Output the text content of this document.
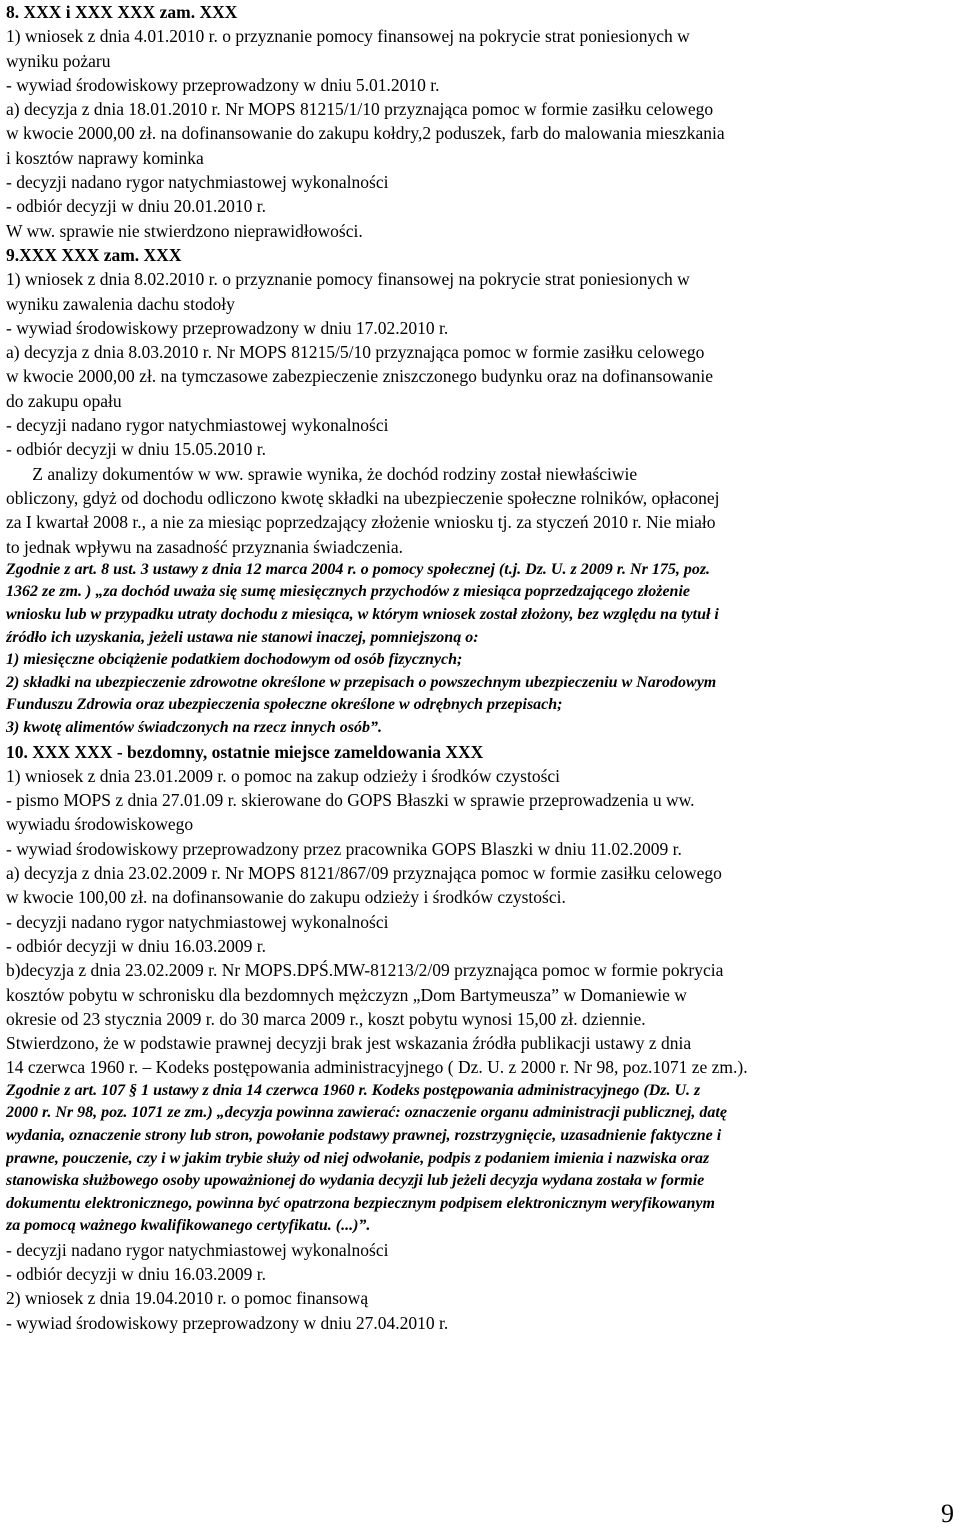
8. XXX i XXX XXX zam. XXX
1) wniosek z dnia 4.01.2010 r. o przyznanie pomocy finansowej na pokrycie strat poniesionych w
wyniku pożaru
- wywiad środowiskowy przeprowadzony w dniu 5.01.2010 r.
a) decyzja z dnia 18.01.2010 r. Nr MOPS 81215/1/10 przyznająca pomoc w formie zasiłku celowego
w kwocie 2000,00 zł. na dofinansowanie do zakupu kołdry,2 poduszek, farb do malowania mieszkania
i kosztów naprawy kominka
- decyzji nadano rygor natychmiastowej wykonalności
- odbiór decyzji w dniu 20.01.2010 r.
W ww. sprawie nie stwierdzono nieprawidłowości.
9.XXX XXX zam. XXX
1) wniosek z dnia 8.02.2010 r. o przyznanie pomocy finansowej na pokrycie strat poniesionych w
wyniku zawalenia dachu stodoły
- wywiad środowiskowy przeprowadzony w dniu 17.02.2010 r.
a) decyzja z dnia 8.03.2010 r. Nr MOPS 81215/5/10 przyznająca pomoc w formie zasiłku celowego
w kwocie 2000,00 zł. na tymczasowe zabezpieczenie zniszczonego budynku oraz na dofinansowanie
do zakupu opału
- decyzji nadano rygor natychmiastowej wykonalności
- odbiór decyzji w dniu 15.05.2010 r.
Z analizy dokumentów w ww. sprawie wynika, że dochód rodziny został niewłaściwie
obliczony, gdyż od dochodu odliczono kwotę składki na ubezpieczenie społeczne rolników, opłaconej
za I kwartał 2008 r., a nie za miesiąc poprzedzający złożenie wniosku tj. za styczeń 2010 r. Nie miało
to jednak wpływu na zasadność przyznania świadczenia.
Zgodnie z art. 8 ust. 3 ustawy z dnia 12 marca 2004 r. o pomocy społecznej (t.j. Dz. U. z 2009 r. Nr 175, poz.
1362 ze zm. ) „za dochód uważa się sumę miesięcznych przychodów z miesiąca poprzedzającego złożenie
wniosku lub w przypadku utraty dochodu z miesiąca, w którym wniosek został złożony, bez względu na tytuł i
źródło ich uzyskania, jeżeli ustawa nie stanowi inaczej, pomniejszoną o:
1) miesięczne obciążenie podatkiem dochodowym od osób fizycznych;
2) składki na ubezpieczenie zdrowotne określone w przepisach o powszechnym ubezpieczeniu w Narodowym
Funduszu Zdrowia oraz ubezpieczenia społeczne określone w odrębnych przepisach;
3) kwotę alimentów świadczonych na rzecz innych osób”.
10. XXX XXX - bezdomny, ostatnie miejsce zameldowania XXX
1) wniosek z dnia 23.01.2009 r. o pomoc na zakup odzieży i środków czystości
- pismo MOPS z dnia 27.01.09 r. skierowane do GOPS Błaszki w sprawie przeprowadzenia u ww.
wywiadu środowiskowego
- wywiad środowiskowy przeprowadzony przez pracownika GOPS Blaszki w dniu 11.02.2009 r.
a) decyzja z dnia 23.02.2009 r. Nr MOPS 8121/867/09 przyznająca pomoc w formie zasiłku celowego
w kwocie 100,00 zł. na dofinansowanie do zakupu odzieży i środków czystości.
- decyzji nadano rygor natychmiastowej wykonalności
- odbiór decyzji w dniu 16.03.2009 r.
b)decyzja z dnia 23.02.2009 r. Nr MOPS.DPŚ.MW-81213/2/09 przyznająca pomoc w formie pokrycia
kosztów pobytu w schronisku dla bezdomnych mężczyzn „Dom Bartymeusza” w Domaniewie w
okresie od 23 stycznia 2009 r. do 30 marca 2009 r., koszt pobytu wynosi 15,00 zł. dziennie.
Stwierdzono, że w podstawie prawnej decyzji brak jest wskazania źródła publikacji ustawy z dnia
14 czerwca 1960 r. – Kodeks postępowania administracyjnego ( Dz. U. z 2000 r. Nr 98, poz.1071 ze zm.).
Zgodnie z art. 107 § 1 ustawy z dnia 14 czerwca 1960 r. Kodeks postępowania administracyjnego (Dz. U. z
2000 r. Nr 98, poz. 1071 ze zm.) „decyzja powinna zawierać: oznaczenie organu administracji publicznej, datę
wydania, oznaczenie strony lub stron, powołanie podstawy prawnej, rozstrzygnięcie, uzasadnienie faktyczne i
prawne, pouczenie, czy i w jakim trybie służy od niej odwołanie, podpis z podaniem imienia i nazwiska oraz
stanowiska służbowego osoby upoważnionej do wydania decyzji lub jeżeli decyzja wydana została w formie
dokumentu elektronicznego, powinna być opatrzona bezpiecznym podpisem elektronicznym weryfikowanym
za pomocą ważnego kwalifikowanego certyfikatu. (...)”.
- decyzji nadano rygor natychmiastowej wykonalności
- odbiór decyzji w dniu 16.03.2009 r.
2) wniosek z dnia 19.04.2010 r. o pomoc finansową
- wywiad środowiskowy przeprowadzony w dniu 27.04.2010 r.
9
